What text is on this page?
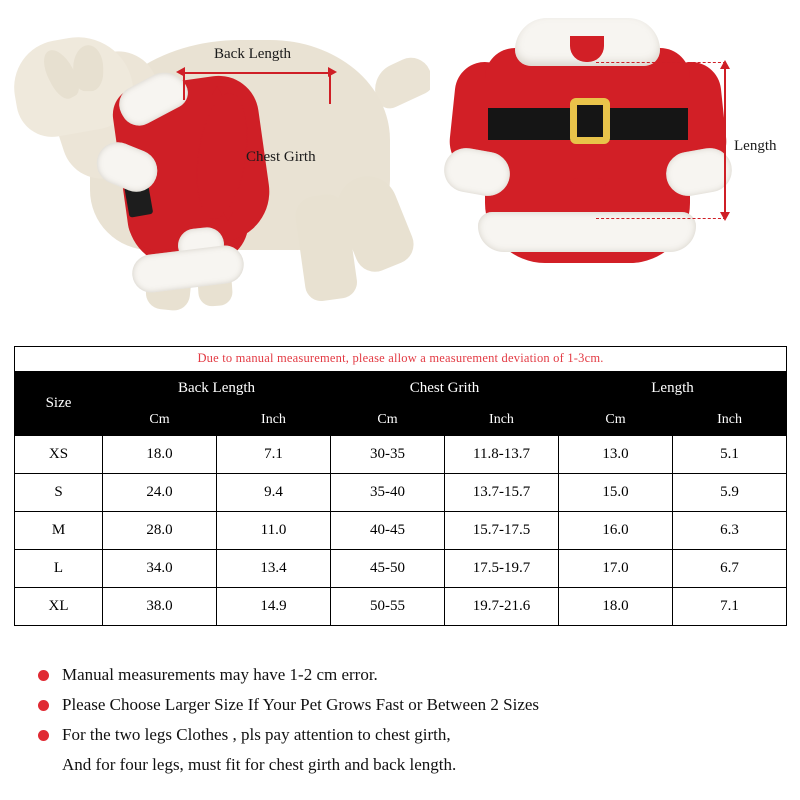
Back Length
Chest Girth
Length
Due to manual measurement, please allow a measurement deviation of 1-3cm.						
Size	Back Length		Chest Grith		Length	
	Cm	Inch	Cm	Inch	Cm	Inch
XS	18.0	7.1	30-35	11.8-13.7	13.0	5.1
S	24.0	9.4	35-40	13.7-15.7	15.0	5.9
M	28.0	11.0	40-45	15.7-17.5	16.0	6.3
L	34.0	13.4	45-50	17.5-19.7	17.0	6.7
XL	38.0	14.9	50-55	19.7-21.6	18.0	7.1
Manual measurements may have 1-2 cm error.
Please Choose Larger Size If Your Pet Grows Fast or Between 2 Sizes
For the two legs Clothes , pls pay attention to chest girth,
And for four legs, must fit for chest girth and back length.
